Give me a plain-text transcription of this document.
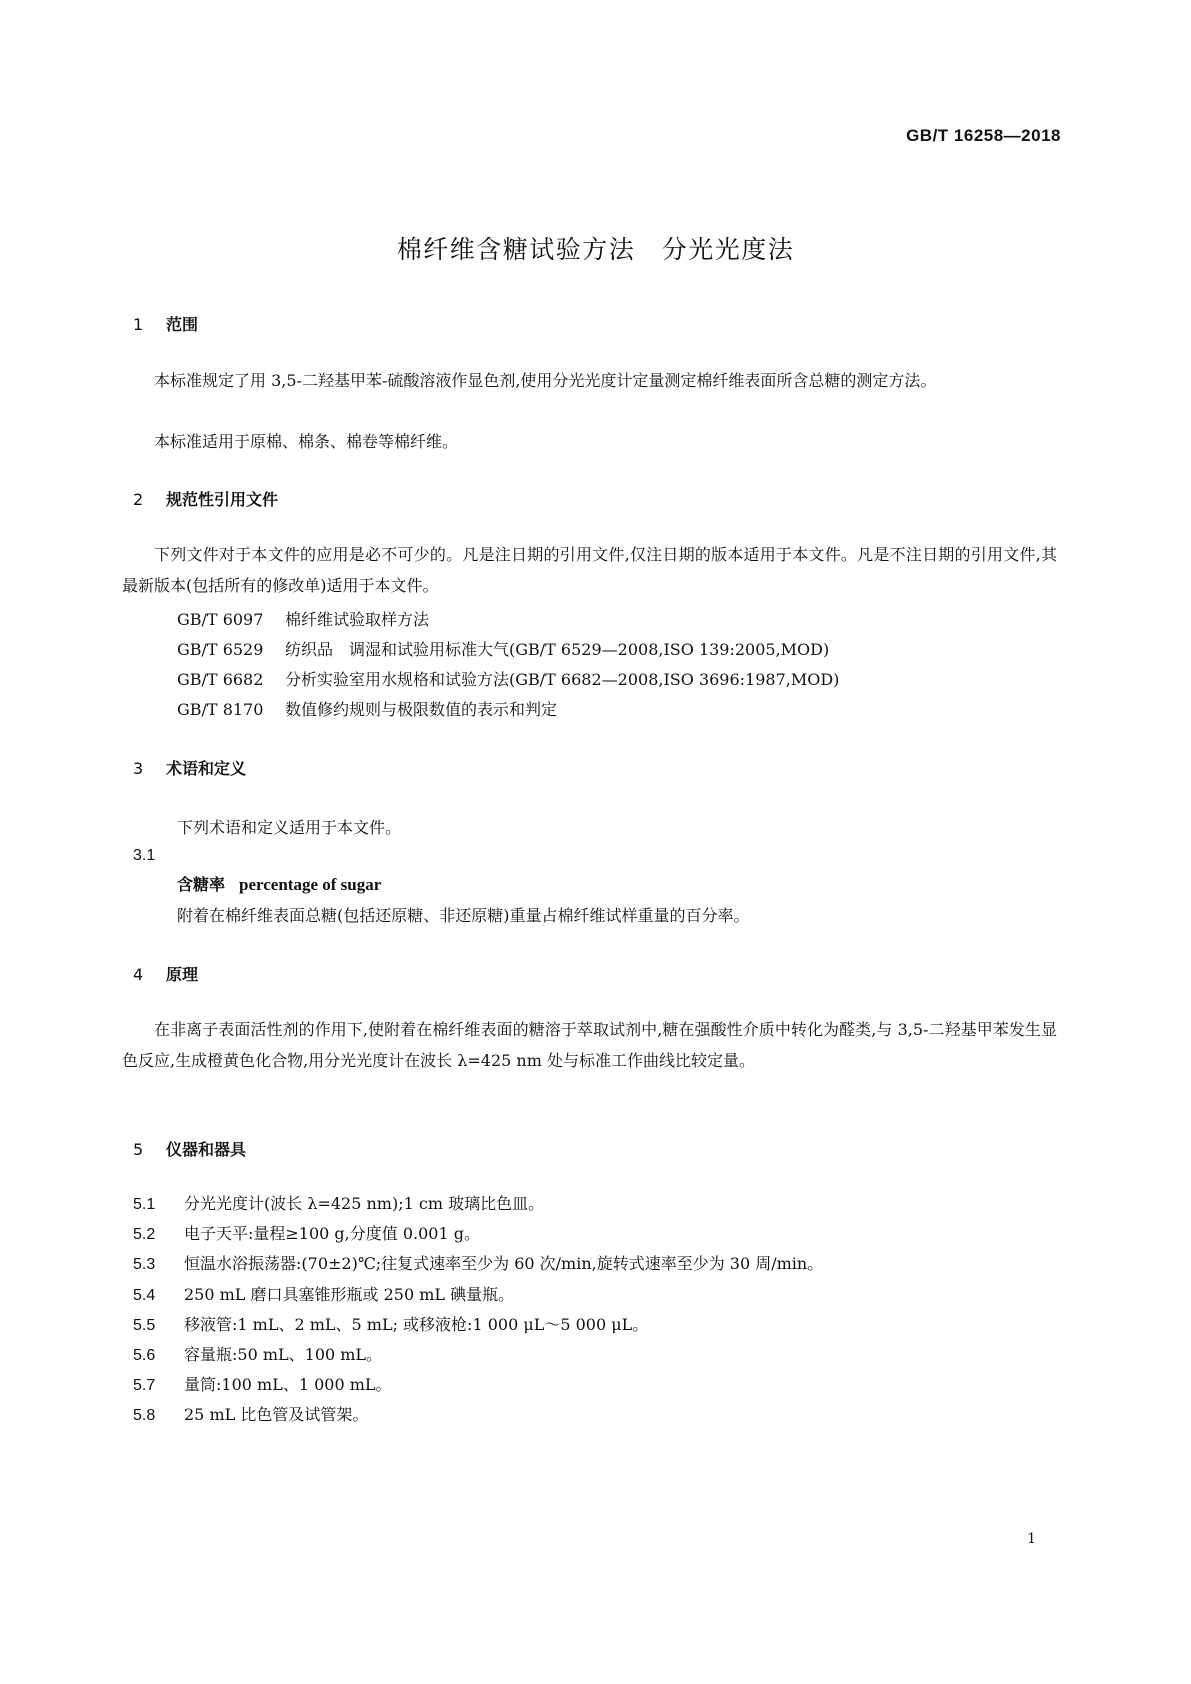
GB/T 16258—2018
棉纤维含糖试验方法　分光光度法
1 范围
本标准规定了用 3,5-二羟基甲苯-硫酸溶液作显色剂,使用分光光度计定量测定棉纤维表面所含总糖的测定方法。
本标准适用于原棉、棉条、棉卷等棉纤维。
2 规范性引用文件
下列文件对于本文件的应用是必不可少的。凡是注日期的引用文件,仅注日期的版本适用于本文件。凡是不注日期的引用文件,其最新版本(包括所有的修改单)适用于本文件。
GB/T 6097 棉纤维试验取样方法
GB/T 6529 纺织品　调湿和试验用标准大气(GB/T 6529—2008,ISO 139:2005,MOD)
GB/T 6682 分析实验室用水规格和试验方法(GB/T 6682—2008,ISO 3696:1987,MOD)
GB/T 8170 数值修约规则与极限数值的表示和判定
3 术语和定义
下列术语和定义适用于本文件。
3.1
含糖率 percentage of sugar
附着在棉纤维表面总糖(包括还原糖、非还原糖)重量占棉纤维试样重量的百分率。
4 原理
在非离子表面活性剂的作用下,使附着在棉纤维表面的糖溶于萃取试剂中,糖在强酸性介质中转化为醛类,与 3,5-二羟基甲苯发生显色反应,生成橙黄色化合物,用分光光度计在波长 λ=425 nm 处与标准工作曲线比较定量。
5 仪器和器具
5.1 分光光度计(波长 λ=425 nm);1 cm 玻璃比色皿。
5.2 电子天平:量程≥100 g,分度值 0.001 g。
5.3 恒温水浴振荡器:(70±2)℃;往复式速率至少为 60 次/min,旋转式速率至少为 30 周/min。
5.4 250 mL 磨口具塞锥形瓶或 250 mL 碘量瓶。
5.5 移液管:1 mL、2 mL、5 mL; 或移液枪:1 000 μL～5 000 μL。
5.6 容量瓶:50 mL、100 mL。
5.7 量筒:100 mL、1 000 mL。
5.8 25 mL 比色管及试管架。
1
